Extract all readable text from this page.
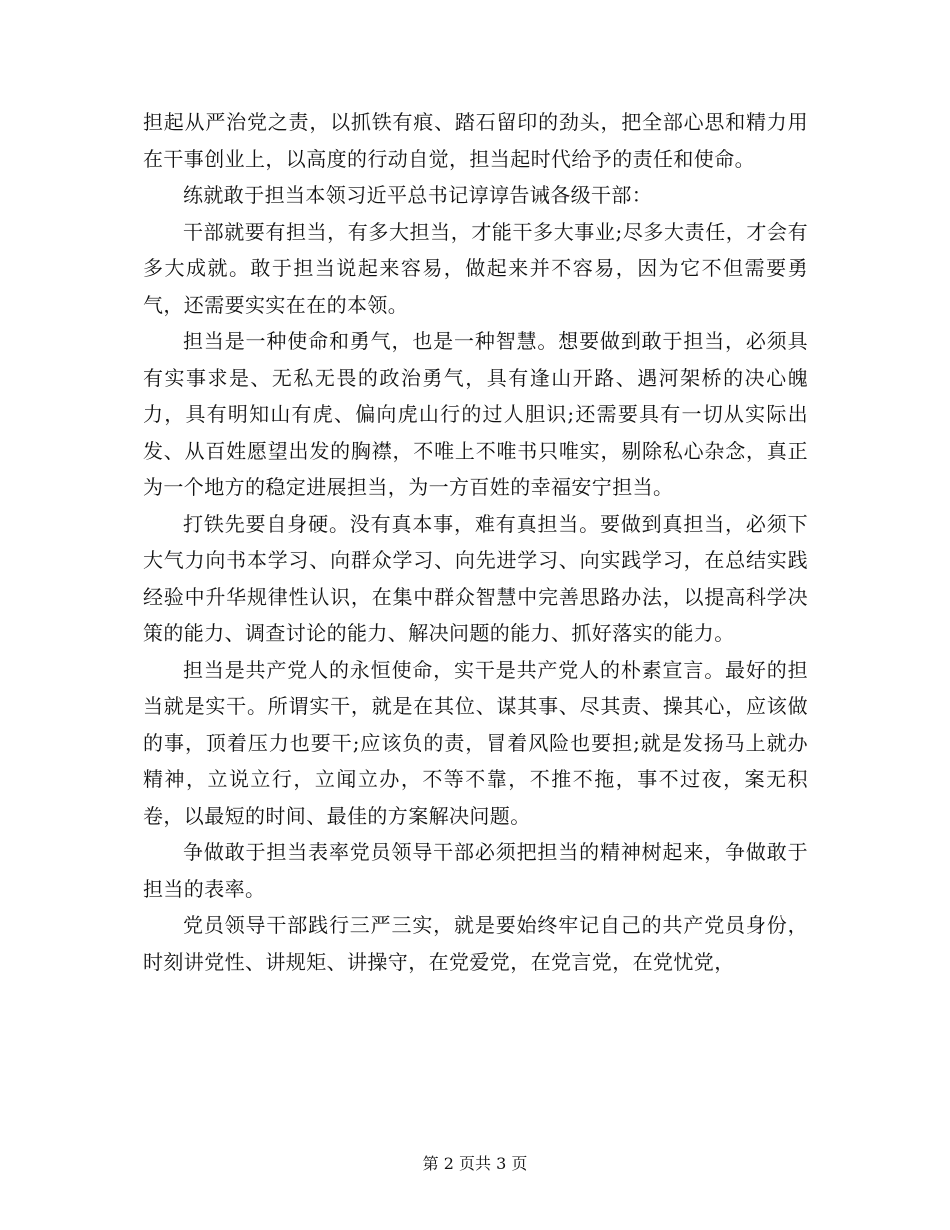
担起从严治党之责，以抓铁有痕、踏石留印的劲头，把全部心思和精力用在干事创业上，以高度的行动自觉，担当起时代给予的责任和使命。

练就敢于担当本领习近平总书记谆谆告诫各级干部：

干部就要有担当，有多大担当，才能干多大事业;尽多大责任，才会有多大成就。敢于担当说起来容易，做起来并不容易，因为它不但需要勇气，还需要实实在在的本领。

担当是一种使命和勇气，也是一种智慧。想要做到敢于担当，必须具有实事求是、无私无畏的政治勇气，具有逢山开路、遇河架桥的决心魄力，具有明知山有虎、偏向虎山行的过人胆识;还需要具有一切从实际出发、从百姓愿望出发的胸襟，不唯上不唯书只唯实，剔除私心杂念，真正为一个地方的稳定进展担当，为一方百姓的幸福安宁担当。

打铁先要自身硬。没有真本事，难有真担当。要做到真担当，必须下大气力向书本学习、向群众学习、向先进学习、向实践学习，在总结实践经验中升华规律性认识，在集中群众智慧中完善思路办法，以提高科学决策的能力、调查讨论的能力、解决问题的能力、抓好落实的能力。

担当是共产党人的永恒使命，实干是共产党人的朴素宣言。最好的担当就是实干。所谓实干，就是在其位、谋其事、尽其责、操其心，应该做的事，顶着压力也要干;应该负的责，冒着风险也要担;就是发扬马上就办精神，立说立行，立闻立办，不等不靠，不推不拖，事不过夜，案无积卷，以最短的时间、最佳的方案解决问题。

争做敢于担当表率党员领导干部必须把担当的精神树起来，争做敢于担当的表率。

党员领导干部践行三严三实，就是要始终牢记自己的共产党员身份，时刻讲党性、讲规矩、讲操守，在党爱党，在党言党，在党忧党，

第 2 页共 3 页
